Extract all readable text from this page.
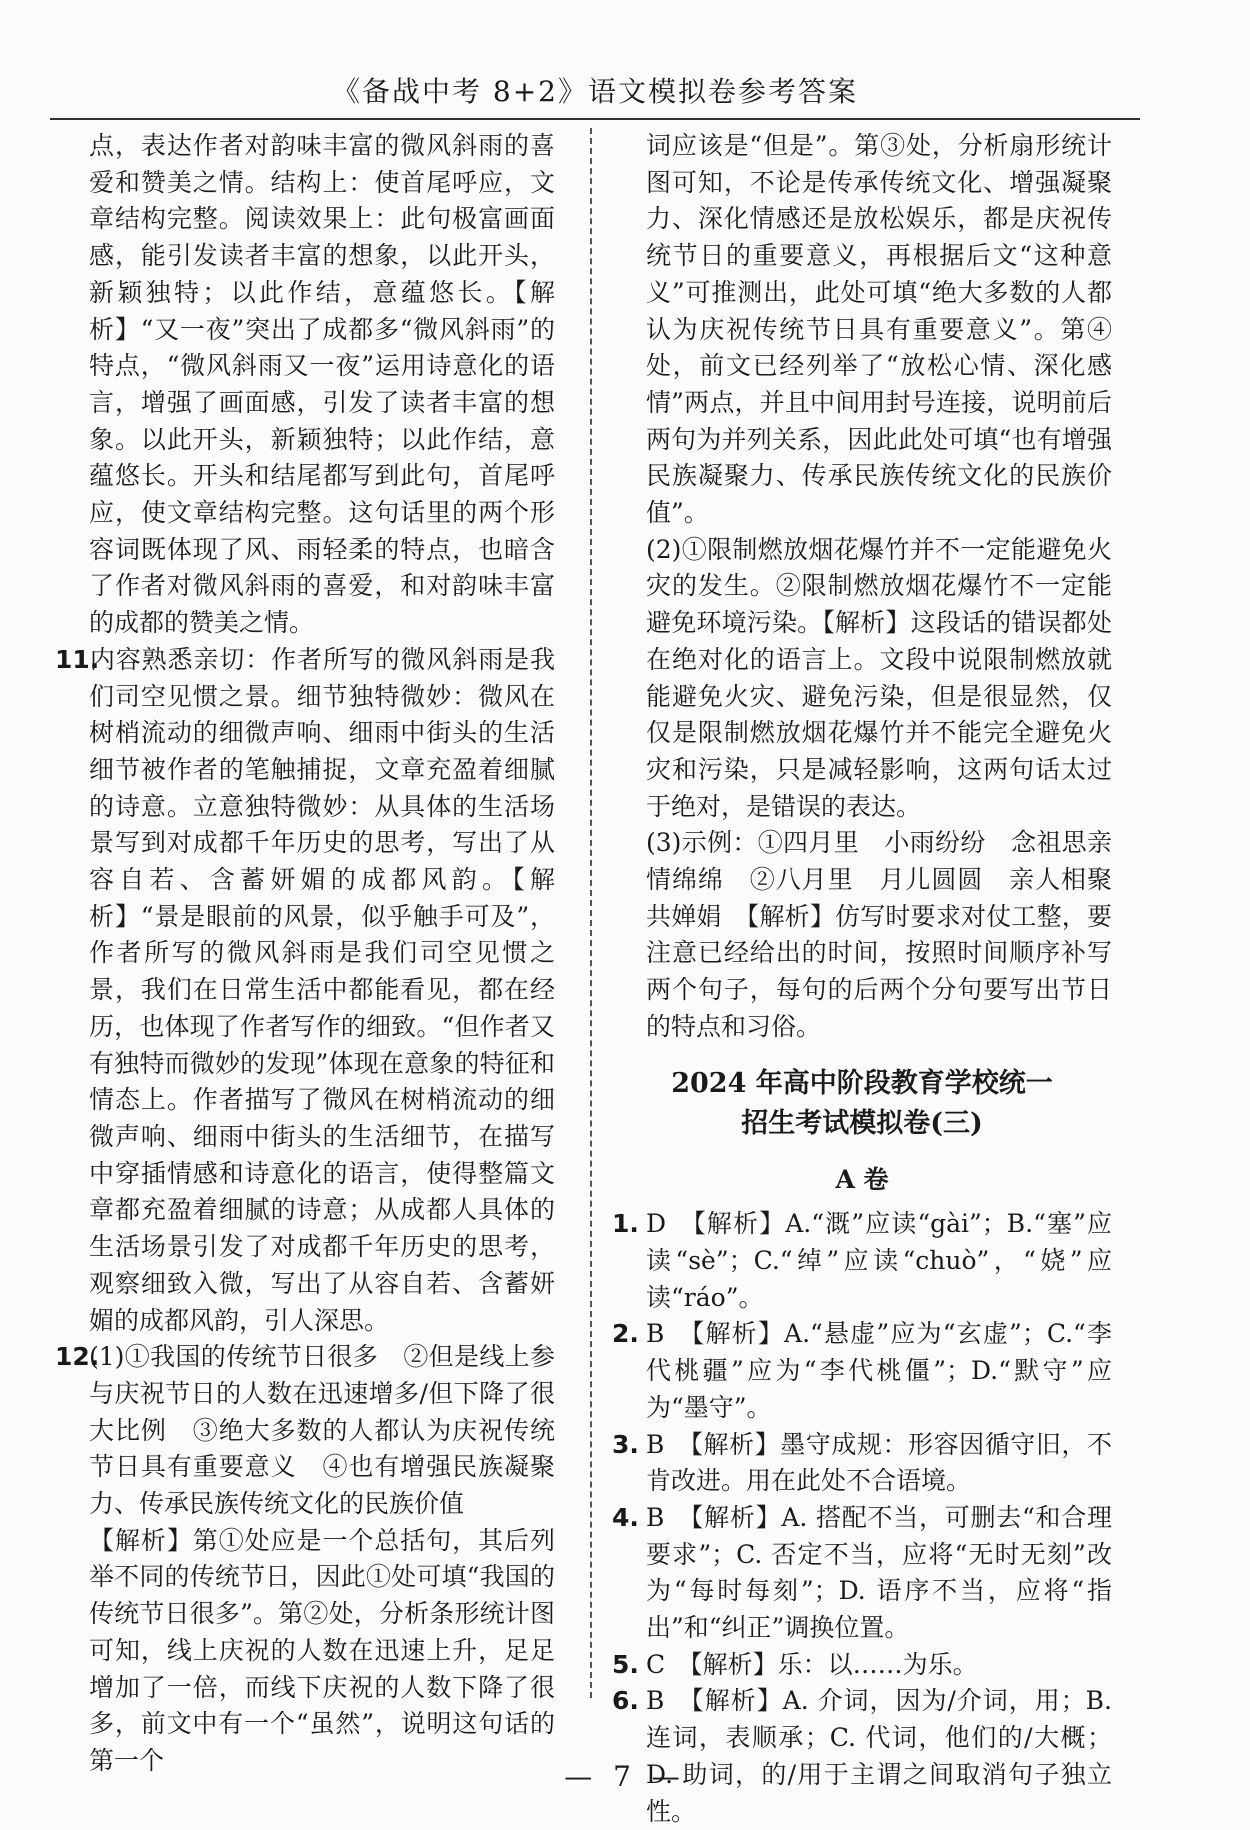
《备战中考 8+2》语文模拟卷参考答案

点，表达作者对韵味丰富的微风斜雨的喜爱和赞美之情。结构上：使首尾呼应，文章结构完整。阅读效果上：此句极富画面感，能引发读者丰富的想象，以此开头，新颖独特；以此作结，意蕴悠长。【解析】“又一夜”突出了成都多“微风斜雨”的特点，“微风斜雨又一夜”运用诗意化的语言，增强了画面感，引发了读者丰富的想象。以此开头，新颖独特；以此作结，意蕴悠长。开头和结尾都写到此句，首尾呼应，使文章结构完整。这句话里的两个形容词既体现了风、雨轻柔的特点，也暗含了作者对微风斜雨的喜爱，和对韵味丰富的成都的赞美之情。

11.内容熟悉亲切：作者所写的微风斜雨是我们司空见惯之景。细节独特微妙：微风在树梢流动的细微声响、细雨中街头的生活细节被作者的笔触捕捉，文章充盈着细腻的诗意。立意独特微妙：从具体的生活场景写到对成都千年历史的思考，写出了从容自若、含蓄妍媚的成都风韵。【解析】“景是眼前的风景，似乎触手可及”，作者所写的微风斜雨是我们司空见惯之景，我们在日常生活中都能看见，都在经历，也体现了作者写作的细致。“但作者又有独特而微妙的发现”体现在意象的特征和情态上。作者描写了微风在树梢流动的细微声响、细雨中街头的生活细节，在描写中穿插情感和诗意化的语言，使得整篇文章都充盈着细腻的诗意；从成都人具体的生活场景引发了对成都千年历史的思考，观察细致入微，写出了从容自若、含蓄妍媚的成都风韵，引人深思。

12.(1)①我国的传统节日很多　②但是线上参与庆祝节日的人数在迅速增多/但下降了很大比例　③绝大多数的人都认为庆祝传统节日具有重要意义　④也有增强民族凝聚力、传承民族传统文化的民族价值

【解析】第①处应是一个总括句，其后列举不同的传统节日，因此①处可填“我国的传统节日很多”。第②处，分析条形统计图可知，线上庆祝的人数在迅速上升，足足增加了一倍，而线下庆祝的人数下降了很多，前文中有一个“虽然”，说明这句话的第一个

词应该是“但是”。第③处，分析扇形统计图可知，不论是传承传统文化、增强凝聚力、深化情感还是放松娱乐，都是庆祝传统节日的重要意义，再根据后文“这种意义”可推测出，此处可填“绝大多数的人都认为庆祝传统节日具有重要意义”。第④处，前文已经列举了“放松心情、深化感情”两点，并且中间用封号连接，说明前后两句为并列关系，因此此处可填“也有增强民族凝聚力、传承民族传统文化的民族价值”。

(2)①限制燃放烟花爆竹并不一定能避免火灾的发生。②限制燃放烟花爆竹不一定能避免环境污染。【解析】这段话的错误都处在绝对化的语言上。文段中说限制燃放就能避免火灾、避免污染，但是很显然，仅仅是限制燃放烟花爆竹并不能完全避免火灾和污染，只是减轻影响，这两句话太过于绝对，是错误的表达。

(3)示例：①四月里　小雨纷纷　念祖思亲情绵绵　②八月里　月儿圆圆　亲人相聚共婵娟　【解析】仿写时要求对仗工整，要注意已经给出的时间，按照时间顺序补写两个句子，每句的后两个分句要写出节日的特点和习俗。

2024 年高中阶段教育学校统一
招生考试模拟卷(三)
A 卷

1. D　【解析】A.“溉”应读“gài”；B.“塞”应读“sè”；C.“绰”应读“chuò”，“娆”应读“ráo”。

2. B　【解析】A.“悬虚”应为“玄虚”；C.“李代桃疆”应为“李代桃僵”；D.“默守”应为“墨守”。

3. B　【解析】墨守成规：形容因循守旧，不肯改进。用在此处不合语境。

4. B　【解析】A. 搭配不当，可删去“和合理要求”；C. 否定不当，应将“无时无刻”改为“每时每刻”；D. 语序不当，应将“指出”和“纠正”调换位置。

5. C　【解析】乐：以……为乐。

6. B　【解析】A. 介词，因为/介词，用；B. 连词，表顺承；C. 代词，他们的/大概；D. 助词，的/用于主谓之间取消句子独立性。

— 7 —
